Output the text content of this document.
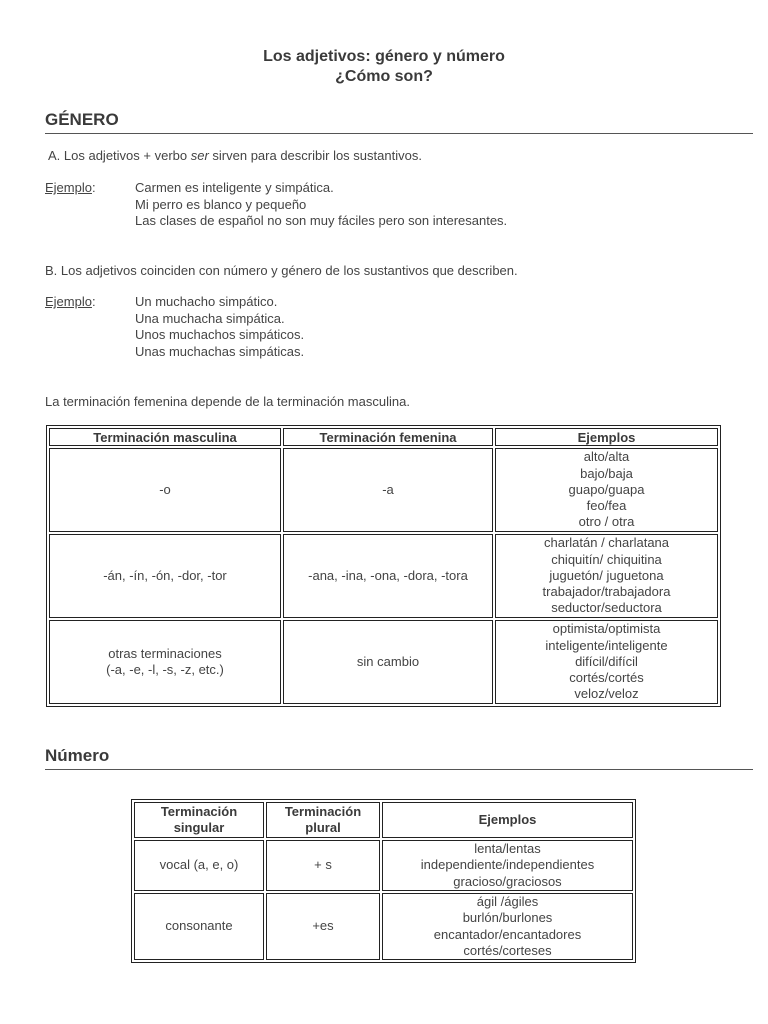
Los adjetivos: género y número
¿Cómo son?
GÉNERO
A. Los adjetivos + verbo ser sirven para describir los sustantivos.
Ejemplo:	Carmen es inteligente y simpática.
Mi perro es blanco y pequeño
Las clases de español no son muy fáciles pero son interesantes.
B. Los adjetivos coinciden con número y género de los sustantivos que describen.
Ejemplo:	Un muchacho simpático.
Una muchacha simpática.
Unos muchachos simpáticos.
Unas muchachas simpáticas.
La terminación femenina depende de la terminación masculina.
Terminación masculina	Terminación femenina	Ejemplos

-o	-a	alto/alta
bajo/baja
guapo/guapa
feo/fea
otro / otra

-án, -ín, -ón, -dor, -tor	-ana, -ina, -ona, -dora, -tora	charlatán / charlatana
chiquitín/ chiquitina
juguetón/ juguetona
trabajador/trabajadora
seductor/seductora

otras terminaciones
(-a, -e, -l, -s, -z, etc.)	sin cambio	optimista/optimista
inteligente/inteligente
difícil/difícil
cortés/cortés
veloz/veloz
Número
Terminación
singular	Terminación
plural	Ejemplos

vocal (a, e, o)	+ s	lenta/lentas
independiente/independientes
gracioso/graciosos

consonante	+es	ágil /ágiles
burlón/burlones
encantador/encantadores
cortés/corteses
